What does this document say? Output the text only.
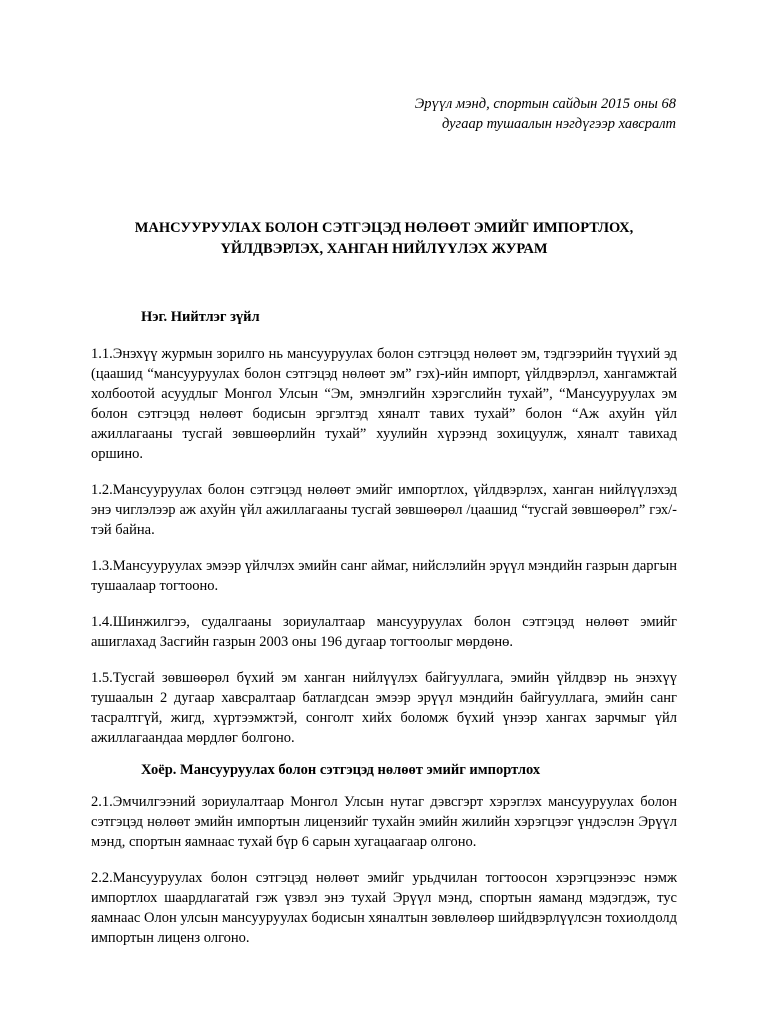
Эрүүл мэнд, спортын сайдын 2015 оны 68
дугаар тушаалын нэгдүгээр хавсралт
МАНСУУРУУЛАХ БОЛОН СЭТГЭЦЭД НӨЛӨӨТ ЭМИЙГ ИМПОРТЛОХ,
ҮЙЛДВЭРЛЭХ, ХАНГАН НИЙЛҮҮЛЭХ ЖУРАМ
Нэг. Нийтлэг зүйл

1.1.Энэхүү журмын зорилго нь мансууруулах болон сэтгэцэд нөлөөт эм, тэдгээрийн түүхий эд (цаашид “мансууруулах болон сэтгэцэд нөлөөт эм” гэх)-ийн импорт, үйлдвэрлэл, хангамжтай холбоотой асуудлыг Монгол Улсын “Эм, эмнэлгийн хэрэгслийн тухай”, “Мансууруулах эм болон сэтгэцэд нөлөөт бодисын эргэлтэд хяналт тавих тухай” болон “Аж ахуйн үйл ажиллагааны тусгай зөвшөөрлийн тухай” хуулийн хүрээнд зохицуулж, хяналт тавихад оршино.

1.2.Мансууруулах болон сэтгэцэд нөлөөт эмийг импортлох, үйлдвэрлэх, ханган нийлүүлэхэд энэ чиглэлээр аж ахуйн үйл ажиллагааны тусгай зөвшөөрөл /цаашид “тусгай зөвшөөрөл” гэх/-тэй байна.

1.3.Мансууруулах эмээр үйлчлэх эмийн санг аймаг, нийслэлийн эрүүл мэндийн газрын даргын тушаалаар тогтооно.

1.4.Шинжилгээ, судалгааны зориулалтаар мансууруулах болон сэтгэцэд нөлөөт эмийг ашиглахад Засгийн газрын 2003 оны 196 дугаар тогтоолыг мөрдөнө.

1.5.Тусгай зөвшөөрөл бүхий эм ханган нийлүүлэх байгууллага, эмийн үйлдвэр нь энэхүү тушаалын 2 дугаар хавсралтаар батлагдсан эмээр эрүүл мэндийн байгууллага, эмийн санг тасралтгүй, жигд, хүртээмжтэй, сонголт хийх боломж бүхий үнээр хангах зарчмыг үйл ажиллагаандаа мөрдлөг болгоно.

Хоёр. Мансууруулах болон сэтгэцэд нөлөөт эмийг импортлох

2.1.Эмчилгээний зориулалтаар Монгол Улсын нутаг дэвсгэрт хэрэглэх мансууруулах болон сэтгэцэд нөлөөт эмийн импортын лицензийг тухайн эмийн жилийн хэрэгцээг үндэслэн Эрүүл мэнд, спортын яамнаас тухай бүр 6 сарын хугацаагаар олгоно.

2.2.Мансууруулах болон сэтгэцэд нөлөөт эмийг урьдчилан тогтоосон хэрэгцээнээс нэмж импортлох шаардлагатай гэж үзвэл энэ тухай Эрүүл мэнд, спортын яаманд мэдэгдэж, тус яамнаас Олон улсын мансууруулах бодисын хяналтын зөвлөлөөр шийдвэрлүүлсэн тохиолдолд импортын лиценз олгоно.
